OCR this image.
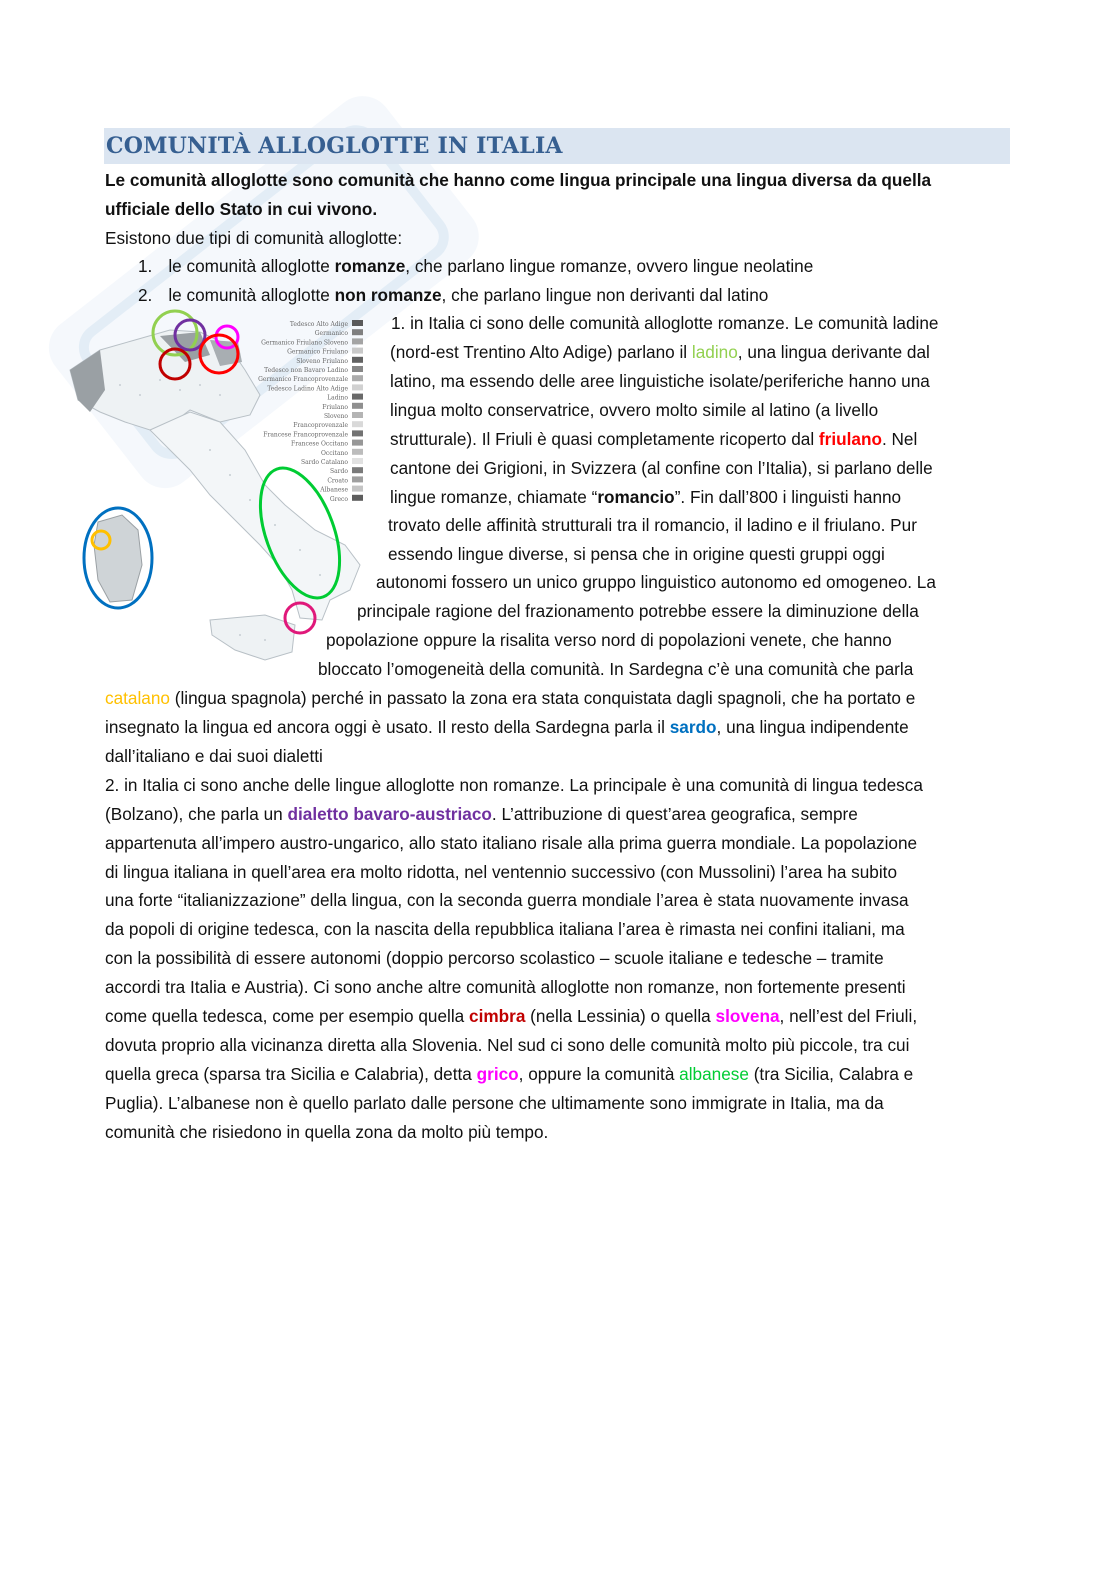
COMUNITÀ ALLOGLOTTE IN ITALIA
Le comunità alloglotte sono comunità che hanno come lingua principale una lingua diversa da quella
ufficiale dello Stato in cui vivono.
Esistono due tipi di comunità alloglotte:
1. le comunità alloglotte romanze, che parlano lingue romanze, ovvero lingue neolatine
2. le comunità alloglotte non romanze, che parlano lingue non derivanti dal latino
Tedesco Alto Adige
Germanico
Germanico Friulano Sloveno
Germanico Friulano
Sloveno Friulano
Tedesco non Bavaro Ladino
Germanico Francoprovenzale
Tedesco Ladino Alto Adige
Ladino
Friulano
Sloveno
Francoprovenzale
Francese Francoprovenzale
Francese Occitano
Occitano
Sardo Catalano
Sardo
Croato
Albanese
Greco
1. in Italia ci sono delle comunità alloglotte romanze. Le comunità ladine
(nord-est Trentino Alto Adige) parlano il ladino, una lingua derivante dal
latino, ma essendo delle aree linguistiche isolate/periferiche hanno una
lingua molto conservatrice, ovvero molto simile al latino (a livello
strutturale). Il Friuli è quasi completamente ricoperto dal friulano. Nel
cantone dei Grigioni, in Svizzera (al confine con l’Italia), si parlano delle
lingue romanze, chiamate “romancio”. Fin dall’800 i linguisti hanno
trovato delle affinità strutturali tra il romancio, il ladino e il friulano. Pur
essendo lingue diverse, si pensa che in origine questi gruppi oggi
autonomi fossero un unico gruppo linguistico autonomo ed omogeneo. La
principale ragione del frazionamento potrebbe essere la diminuzione della
popolazione oppure la risalita verso nord di popolazioni venete, che hanno
bloccato l’omogeneità della comunità. In Sardegna c’è una comunità che parla
catalano (lingua spagnola) perché in passato la zona era stata conquistata dagli spagnoli, che ha portato e
insegnato la lingua ed ancora oggi è usato. Il resto della Sardegna parla il sardo, una lingua indipendente
dall’italiano e dai suoi dialetti
2. in Italia ci sono anche delle lingue alloglotte non romanze. La principale è una comunità di lingua tedesca
(Bolzano), che parla un dialetto bavaro-austriaco. L’attribuzione di quest’area geografica, sempre
appartenuta all’impero austro-ungarico, allo stato italiano risale alla prima guerra mondiale. La popolazione
di lingua italiana in quell’area era molto ridotta, nel ventennio successivo (con Mussolini) l’area ha subito
una forte “italianizzazione” della lingua, con la seconda guerra mondiale l’area è stata nuovamente invasa
da popoli di origine tedesca, con la nascita della repubblica italiana l’area è rimasta nei confini italiani, ma
con la possibilità di essere autonomi (doppio percorso scolastico – scuole italiane e tedesche – tramite
accordi tra Italia e Austria). Ci sono anche altre comunità alloglotte non romanze, non fortemente presenti
come quella tedesca, come per esempio quella cimbra (nella Lessinia) o quella slovena, nell’est del Friuli,
dovuta proprio alla vicinanza diretta alla Slovenia. Nel sud ci sono delle comunità molto più piccole, tra cui
quella greca (sparsa tra Sicilia e Calabria), detta grico, oppure la comunità albanese (tra Sicilia, Calabra e
Puglia). L’albanese non è quello parlato dalle persone che ultimamente sono immigrate in Italia, ma da
comunità che risiedono in quella zona da molto più tempo.
